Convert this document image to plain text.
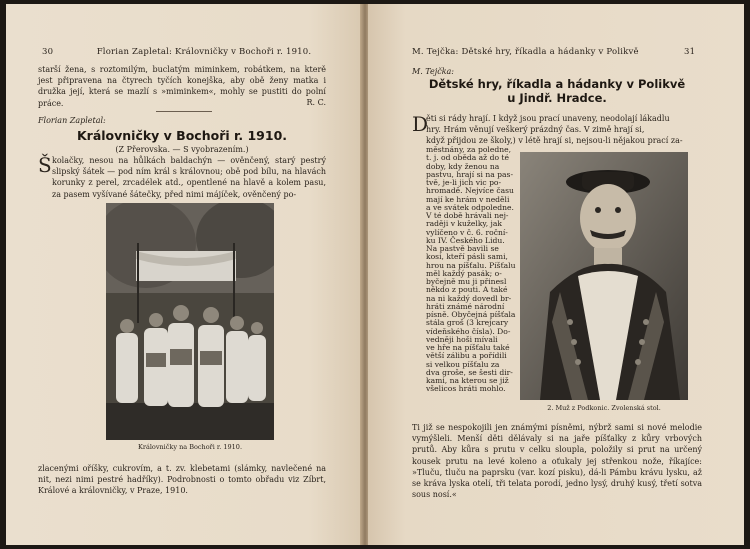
30	Florian Zapletal: Královničky v Bochoři r. 1910.
starší žena, s roztomilým, buclatým miminkem, robátkem, na kterě jest připravena na čtyrech tyčích konejška, aby obě ženy matka i družka její, která se mazlí s »miminkem«, mohly se pustiti do polní práce.	R. C.
Florian Zapletal:
Královničky v Bochoři r. 1910.
(Z Přerovska. — S vyobrazením.)
Š kolačky, nesou na hůlkách baldachýn — ověnčený, starý pestrý slipský šátek — pod ním král s královnou; obě pod bílu, na hlavách korunky z perel, zrcadélek atd., opentlené na hlavě a kolem pasu, za pasem vyšívané šátečky, před nimi májíček, ověnčený po-
Královničky na Bochoři r. 1910.
zlacenými oříšky, cukrovím, a t. zv. klebetami (slámky, navlečené na nit, nezi nimi pestré hadříky). Podrobnosti o tomto obřadu viz Zíbrt, Králové a královničky, v Praze, 1910.
M. Tejčka: Dětské hry, říkadla a hádanky v Polikvě	31
M. Tejčka:
Dětské hry, říkadla a hádanky v Polikvě
u Jindř. Hradce.
D
ěti si rády hrají. I když jsou prací unaveny, neodolají lákadlu
hry. Hrám věnují veškerý prázdný čas. V zimě hrají si,
když přijdou ze školy,) v létě hrají si, nejsou-li nějakou prací za-
městnány, za poledne,
t. j. od oběda až do té
doby, kdy ženou na
pastvu, hrají si na pas-
tvě, je-li jich vic po-
hromadě. Nejvíce času
mají ke hrám v neděli
a ve svátek odpoledne.
V té době hrávali nej-
raději v kuželky, jak
vylíčeno v č. 6. roční-
ku IV. Českého Lidu.
Na pastvě bavili se
kosi, kteří pásli sami,
hrou na píšťalu. Píšťalu
měl každý pasák; o-
byčejně mu ji přinesl
někdo z pouti. A také
na ni každý dovedl br-
hráti známé národní
písně. Obyčejná píšťala
stála groš (3 krejcary
vídeňského čísla). Do-
vedněji hoši mívali
ve hře na píšťalu také
větší zálibu a pořídili
si velkou píšťalu za
dva groše, se šesti dir-
kami, na kterou se již
všelicos hráti mohlo.
2. Muž z Podkonic. Zvolenská stol.
Ti již se nespokojili jen známými písněmi, nýbrž sami si nové melodie vymýšleli. Menší děti dělávaly si na jaře píšťalky z kůry vrbových prutů. Aby kůra s prutu v celku sloupla, položily si prut na určený kousek prutu na levé koleno a oťukaly jej střenkou nože, říkajíce: »Tluču, tluču na paprsku (var. kozí pisku), dá-li Pámbu krávu lysku, až se kráva lyska otelí, tři telata porodí, jedno lysý, druhý kusý, třetí sotva sous nosí.«
